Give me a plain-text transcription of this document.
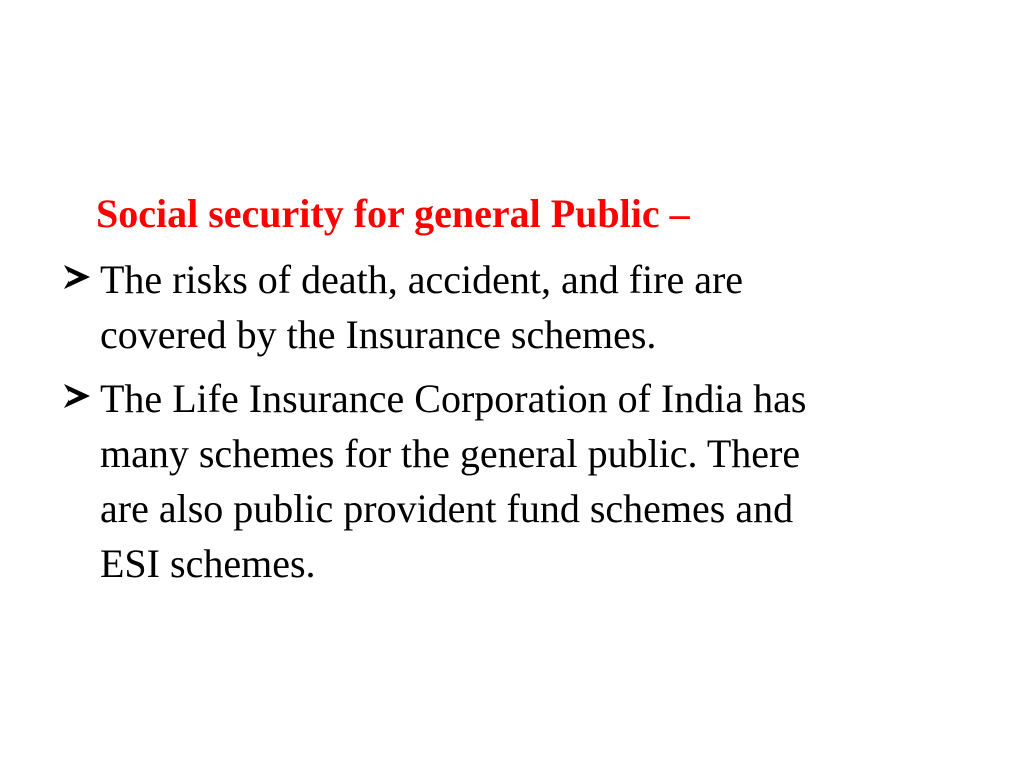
Social security for general Public –
The risks of death, accident, and fire are
covered by the Insurance schemes.
The Life Insurance Corporation of India has
many schemes for the general public. There
are also public provident fund schemes and
ESI schemes.
